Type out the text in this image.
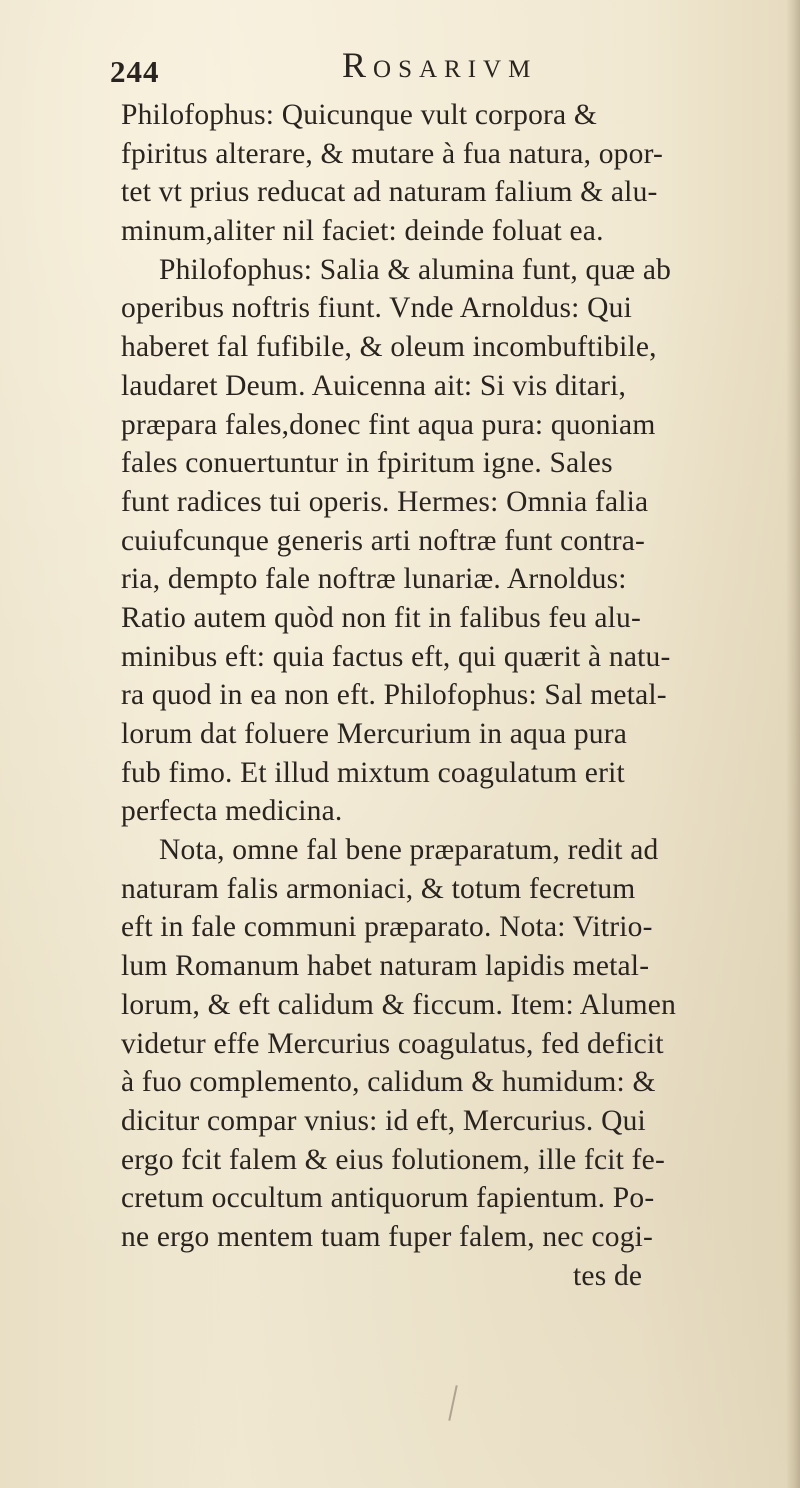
244	Rosarivm
Philofophus: Quicunque vult corpora &
fpiritus alterare, & mutare à fua natura, opor-
tet vt prius reducat ad naturam falium & alu-
minum,aliter nil faciet: deinde foluat ea.
Philofophus: Salia & alumina funt, quæ ab
operibus noftris fiunt. Vnde Arnoldus: Qui
haberet fal fufibile, & oleum incombuftibile,
laudaret Deum. Auicenna ait: Si vis ditari,
præpara fales,donec fint aqua pura: quoniam
fales conuertuntur in fpiritum igne. Sales
funt radices tui operis. Hermes: Omnia falia
cuiufcunque generis arti noftræ funt contra-
ria, dempto fale noftræ lunariæ. Arnoldus:
Ratio autem quòd non fit in falibus feu alu-
minibus eft: quia factus eft, qui quærit à natu-
ra quod in ea non eft. Philofophus: Sal metal-
lorum dat foluere Mercurium in aqua pura
fub fimo. Et illud mixtum coagulatum erit
perfecta medicina.
Nota, omne fal bene præparatum, redit ad
naturam falis armoniaci, & totum fecretum
eft in fale communi præparato. Nota: Vitrio-
lum Romanum habet naturam lapidis metal-
lorum, & eft calidum & ficcum. Item: Alumen
videtur effe Mercurius coagulatus, fed deficit
à fuo complemento, calidum & humidum: &
dicitur compar vnius: id eft, Mercurius. Qui
ergo fcit falem & eius folutionem, ille fcit fe-
cretum occultum antiquorum fapientum. Po-
ne ergo mentem tuam fuper falem, nec cogi-
tes de
